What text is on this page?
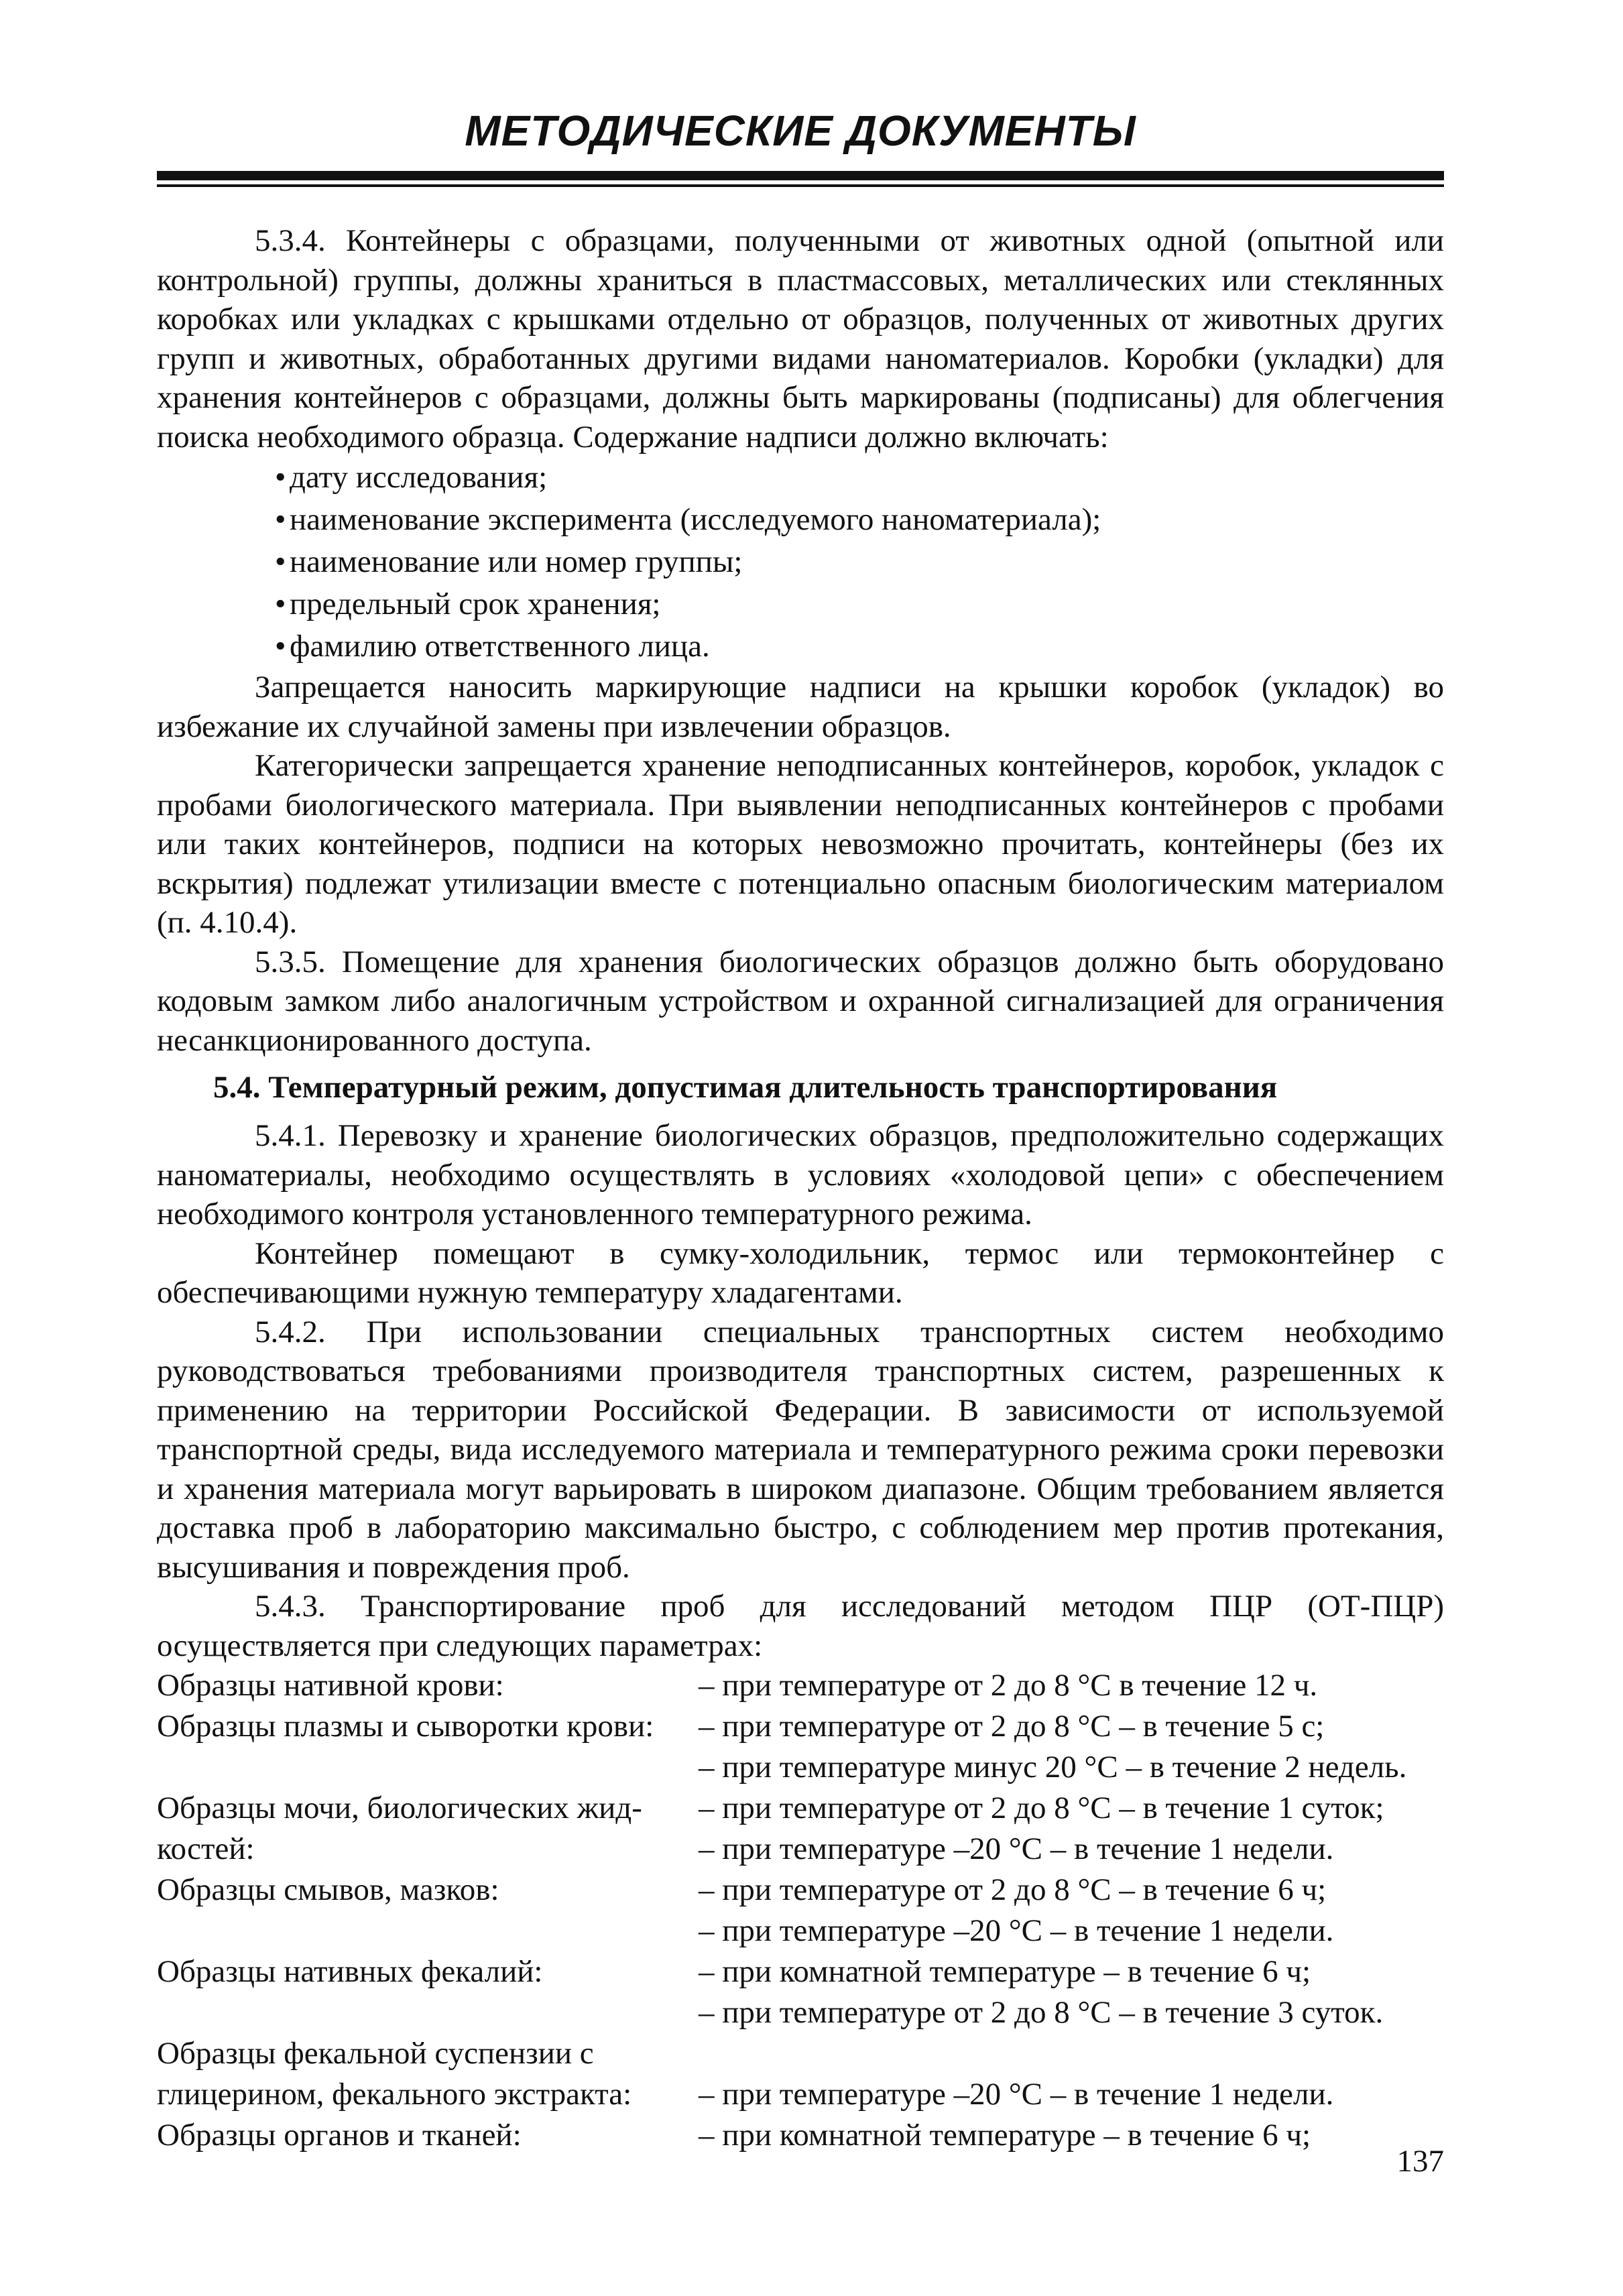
МЕТОДИЧЕСКИЕ ДОКУМЕНТЫ

5.3.4. Контейнеры с образцами, полученными от животных одной (опытной или контрольной) группы, должны храниться в пластмассовых, металлических или стеклянных коробках или укладках с крышками отдельно от образцов, полученных от животных других групп и животных, обработанных другими видами наноматериалов. Коробки (укладки) для хранения контейнеров с образцами, должны быть маркированы (подписаны) для облегчения поиска необходимого образца. Содержание надписи должно включать:

• дату исследования;
• наименование эксперимента (исследуемого наноматериала);
• наименование или номер группы;
• предельный срок хранения;
• фамилию ответственного лица.

Запрещается наносить маркирующие надписи на крышки коробок (укладок) во избежание их случайной замены при извлечении образцов.

Категорически запрещается хранение неподписанных контейнеров, коробок, укладок с пробами биологического материала. При выявлении неподписанных контейнеров с пробами или таких контейнеров, подписи на которых невозможно прочитать, контейнеры (без их вскрытия) подлежат утилизации вместе с потенциально опасным биологическим материалом (п. 4.10.4).

5.3.5. Помещение для хранения биологических образцов должно быть оборудовано кодовым замком либо аналогичным устройством и охранной сигнализацией для ограничения несанкционированного доступа.

5.4. Температурный режим, допустимая длительность транспортирования

5.4.1. Перевозку и хранение биологических образцов, предположительно содержащих наноматериалы, необходимо осуществлять в условиях «холодовой цепи» с обеспечением необходимого контроля установленного температурного режима.

Контейнер помещают в сумку-холодильник, термос или термоконтейнер с обеспечивающими нужную температуру хладагентами.

5.4.2. При использовании специальных транспортных систем необходимо руководствоваться требованиями производителя транспортных систем, разрешенных к применению на территории Российской Федерации. В зависимости от используемой транспортной среды, вида исследуемого материала и температурного режима сроки перевозки и хранения материала могут варьировать в широком диапазоне. Общим требованием является доставка проб в лабораторию максимально быстро, с соблюдением мер против протекания, высушивания и повреждения проб.

5.4.3. Транспортирование проб для исследований методом ПЦР (ОТ-ПЦР) осуществляется при следующих параметрах:

Образцы нативной крови:	– при температуре от 2 до 8 °С в течение 12 ч.
Образцы плазмы и сыворотки крови:	– при температуре от 2 до 8 °С – в течение 5 с;
– при температуре минус 20 °С – в течение 2 недель.
Образцы мочи, биологических жид-	– при температуре от 2 до 8 °С – в течение 1 суток;
костей:	– при температуре –20 °С – в течение 1 недели.
Образцы смывов, мазков:	– при температуре от 2 до 8 °С – в течение 6 ч;
– при температуре –20 °С – в течение 1 недели.
Образцы нативных фекалий:	– при комнатной температуре – в течение 6 ч;
– при температуре от 2 до 8 °С – в течение 3 суток.
Образцы фекальной суспензии с
глицерином, фекального экстракта:	– при температуре –20 °С – в течение 1 недели.
Образцы органов и тканей:	– при комнатной температуре – в течение 6 ч;
137
